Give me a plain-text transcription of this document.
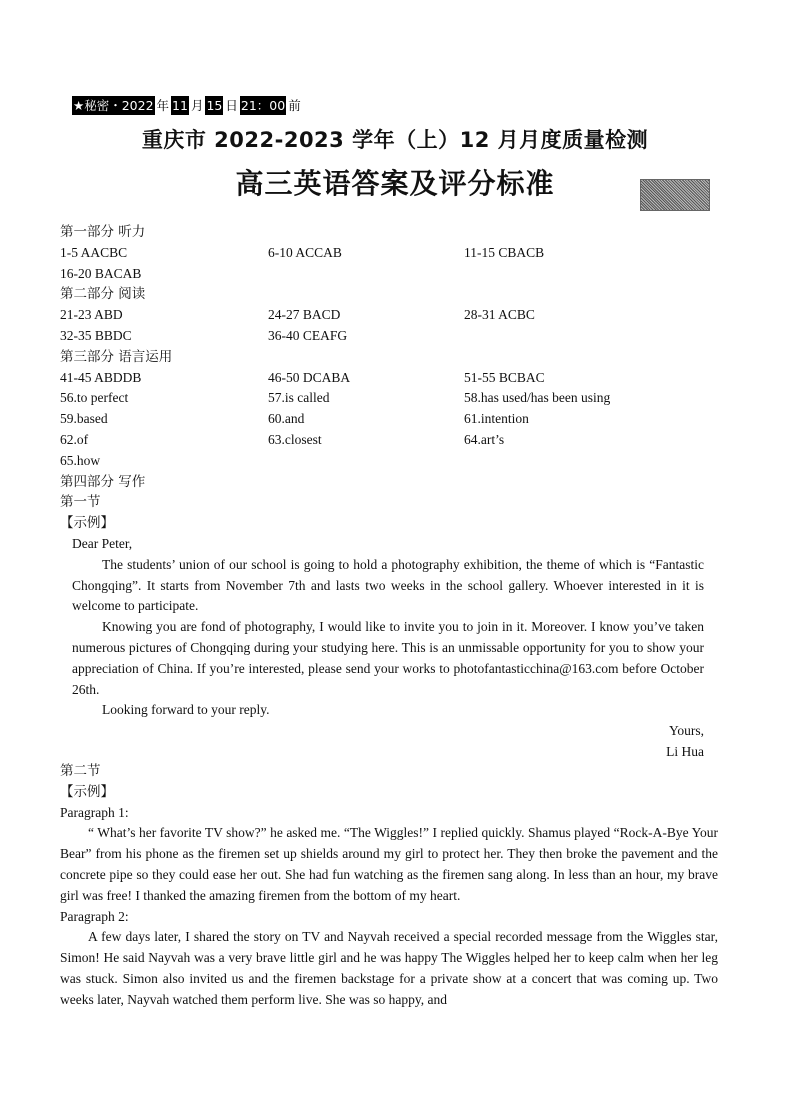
★秘密・2022 年 11 月 15 日 21：00 前
重庆市 2022-2023 学年（上）12 月月度质量检测
高三英语答案及评分标准
第一部分 听力
1-5 AACBC	6-10 ACCAB	11-15 CBACB
16-20 BACAB
第二部分 阅读
21-23 ABD	24-27 BACD	28-31 ACBC
32-35 BBDC	36-40 CEAFG
第三部分 语言运用
41-45 ABDDB	46-50 DCABA	51-55 BCBAC
56.to perfect	57.is called	58.has used/has been using
59.based	60.and	61.intention
62.of	63.closest	64.art’s
65.how
第四部分 写作
第一节
【示例】

Dear Peter,

The students’ union of our school is going to hold a photography exhibition, the theme of which is “Fantastic Chongqing”. It starts from November 7th and lasts two weeks in the school gallery. Whoever interested in it is welcome to participate.

Knowing you are fond of photography, I would like to invite you to join in it. Moreover. I know you’ve taken numerous pictures of Chongqing during your studying here. This is an unmissable opportunity for you to show your appreciation of China. If you’re interested, please send your works to photofantasticchina@163.com before October 26th.

Looking forward to your reply.

Yours,

Li Hua

第二节

【示例】

Paragraph 1:

“ What’s her favorite TV show?” he asked me. “The Wiggles!” I replied quickly. Shamus played “Rock-A-Bye Your Bear” from his phone as the firemen set up shields around my girl to protect her. They then broke the pavement and the concrete pipe so they could ease her out. She had fun watching as the firemen sang along. In less than an hour, my brave girl was free! I thanked the amazing firemen from the bottom of my heart.

Paragraph 2:

A few days later, I shared the story on TV and Nayvah received a special recorded message from the Wiggles star, Simon! He said Nayvah was a very brave little girl and he was happy The Wiggles helped her to keep calm when her leg was stuck. Simon also invited us and the firemen backstage for a private show at a concert that was coming up. Two weeks later, Nayvah watched them perform live. She was so happy, and
